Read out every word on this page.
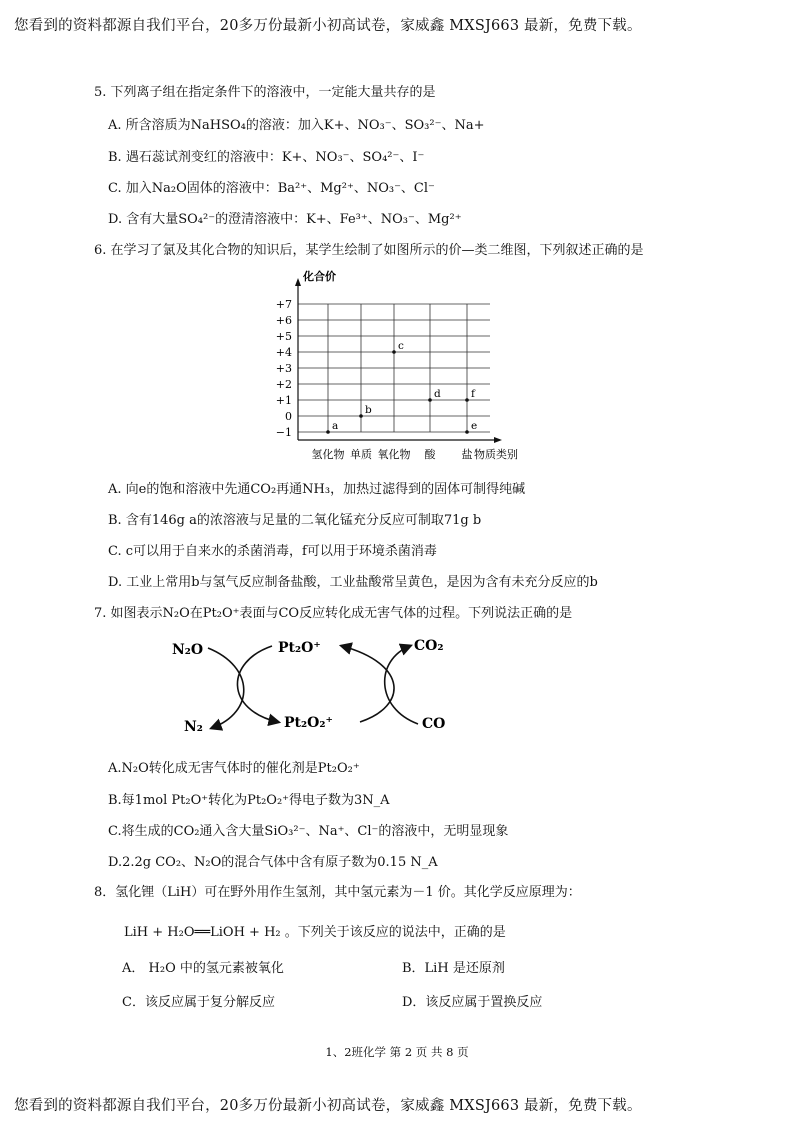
您看到的资料都源自我们平台，20多万份最新小初高试卷，家威鑫 MXSJ663 最新，免费下载。
5. 下列离子组在指定条件下的溶液中，一定能大量共存的是
A. 所含溶质为NaHSO₄的溶液：加入K+、NO₃⁻、SO₃²⁻、Na+
B. 遇石蕊试剂变红的溶液中：K+、NO₃⁻、SO₄²⁻、I⁻
C. 加入Na₂O固体的溶液中：Ba²⁺、Mg²⁺、NO₃⁻、Cl⁻
D. 含有大量SO₄²⁻的澄清溶液中：K+、Fe³⁺、NO₃⁻、Mg²⁺
6. 在学习了氯及其化合物的知识后，某学生绘制了如图所示的价—类二维图，下列叙述正确的是
+7
+6
+5
+4
+3
+2
+1
0
−1
化合价
物质类别
氢化物 单质 氧化物 酸 盐
a
b
c
d	f
e
A. 向e的饱和溶液中先通CO₂再通NH₃，加热过滤得到的固体可制得纯碱
B. 含有146g a的浓溶液与足量的二氧化锰充分反应可制取71g b
C. c可以用于自来水的杀菌消毒，f可以用于环境杀菌消毒
D. 工业上常用b与氢气反应制备盐酸，工业盐酸常呈黄色，是因为含有未充分反应的b
7. 如图表示N₂O在Pt₂O⁺表面与CO反应转化成无害气体的过程。下列说法正确的是
N₂O
N₂
Pt₂O⁺
Pt₂O₂⁺
CO₂
CO
A.N₂O转化成无害气体时的催化剂是Pt₂O₂⁺
B.每1mol Pt₂O⁺转化为Pt₂O₂⁺得电子数为3N_A
C.将生成的CO₂通入含大量SiO₃²⁻、Na⁺、Cl⁻的溶液中，无明显现象
D.2.2g CO₂、N₂O的混合气体中含有原子数为0.15 N_A
8．氢化锂（LiH）可在野外用作生氢剂，其中氢元素为－1 价。其化学反应原理为：
LiH + H₂O══LiOH + H₂ 。下列关于该反应的说法中，正确的是
A． H₂O 中的氢元素被氧化	B．LiH 是还原剂
C．该反应属于复分解反应	D．该反应属于置换反应
1、2班化学 第 2 页 共 8 页
您看到的资料都源自我们平台，20多万份最新小初高试卷，家威鑫 MXSJ663 最新，免费下载。
